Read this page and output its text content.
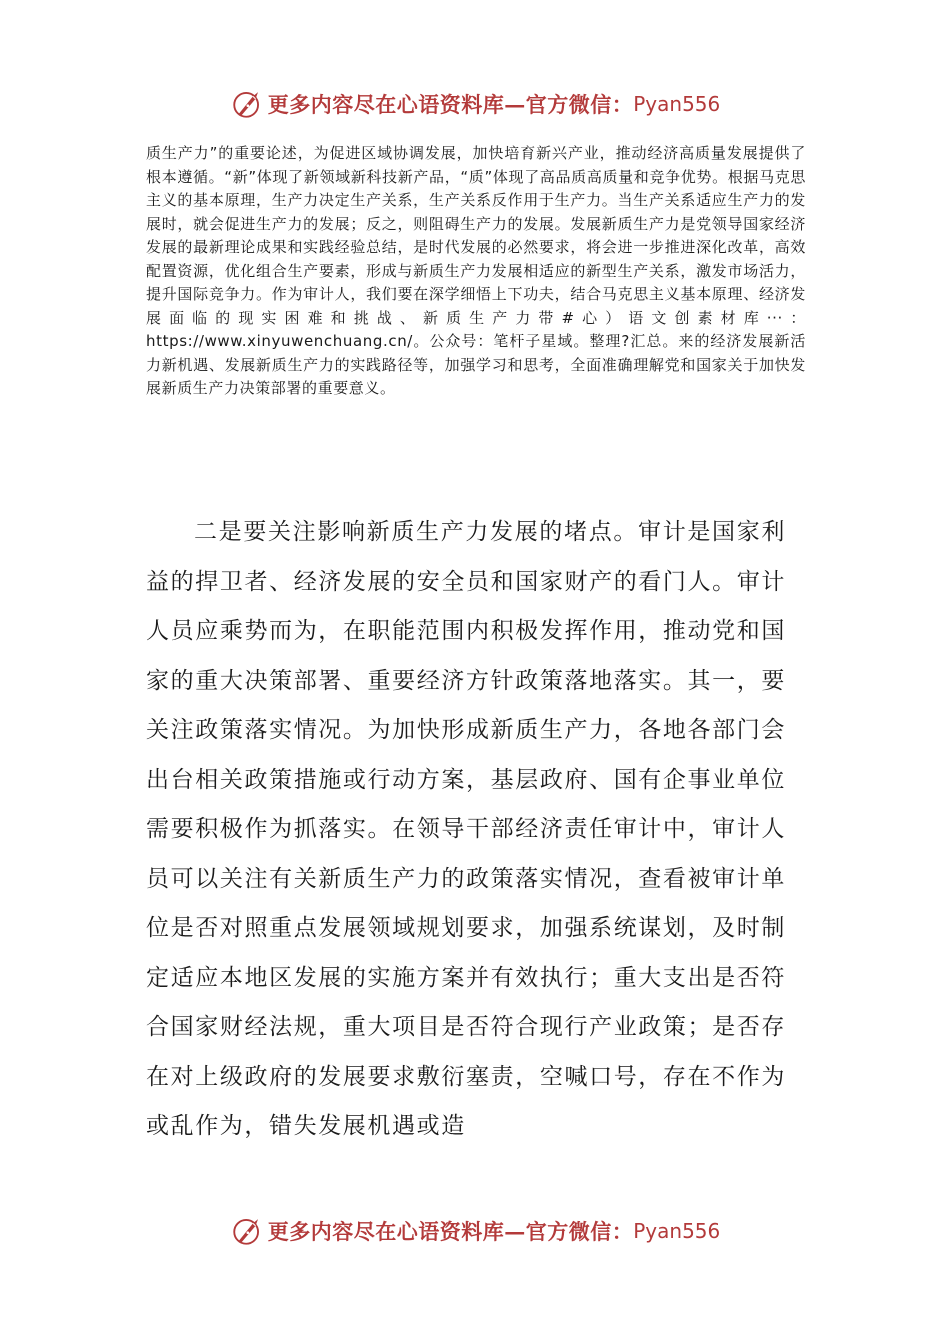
更多内容尽在心语资料库—官方微信： Pyan556

质生产力”的重要论述，为促进区域协调发展，加快培育新兴产业，推动经济高质量发展提供了根本遵循。“新”体现了新领域新科技新产品，“质”体现了高品质高质量和竞争优势。根据马克思主义的基本原理，生产力决定生产关系，生产关系反作用于生产力。当生产关系适应生产力的发展时，就会促进生产力的发展；反之，则阻碍生产力的发展。发展新质生产力是党领导国家经济发展的最新理论成果和实践经验总结，是时代发展的必然要求，将会进一步推进深化改革，高效配置资源，优化组合生产要素，形成与新质生产力发展相适应的新型生产关系，激发市场活力，提升国际竞争力。作为审计人，我们要在深学细悟上下功夫，结合马克思主义基本原理、经济发展面临的现实困难和挑战、新质生产力带#心）语文创素材库···：https://www.xinyuwenchuang.cn/。公众号：笔杆子星域。整理?汇总。来的经济发展新活力新机遇、发展新质生产力的实践路径等，加强学习和思考，全面准确理解党和国家关于加快发展新质生产力决策部署的重要意义。

二是要关注影响新质生产力发展的堵点。审计是国家利益的捍卫者、经济发展的安全员和国家财产的看门人。审计人员应乘势而为，在职能范围内积极发挥作用，推动党和国家的重大决策部署、重要经济方针政策落地落实。其一，要关注政策落实情况。为加快形成新质生产力，各地各部门会出台相关政策措施或行动方案，基层政府、国有企事业单位需要积极作为抓落实。在领导干部经济责任审计中，审计人员可以关注有关新质生产力的政策落实情况，查看被审计单位是否对照重点发展领域规划要求，加强系统谋划，及时制定适应本地区发展的实施方案并有效执行；重大支出是否符合国家财经法规，重大项目是否符合现行产业政策；是否存在对上级政府的发展要求敷衍塞责，空喊口号，存在不作为或乱作为，错失发展机遇或造

更多内容尽在心语资料库—官方微信： Pyan556
